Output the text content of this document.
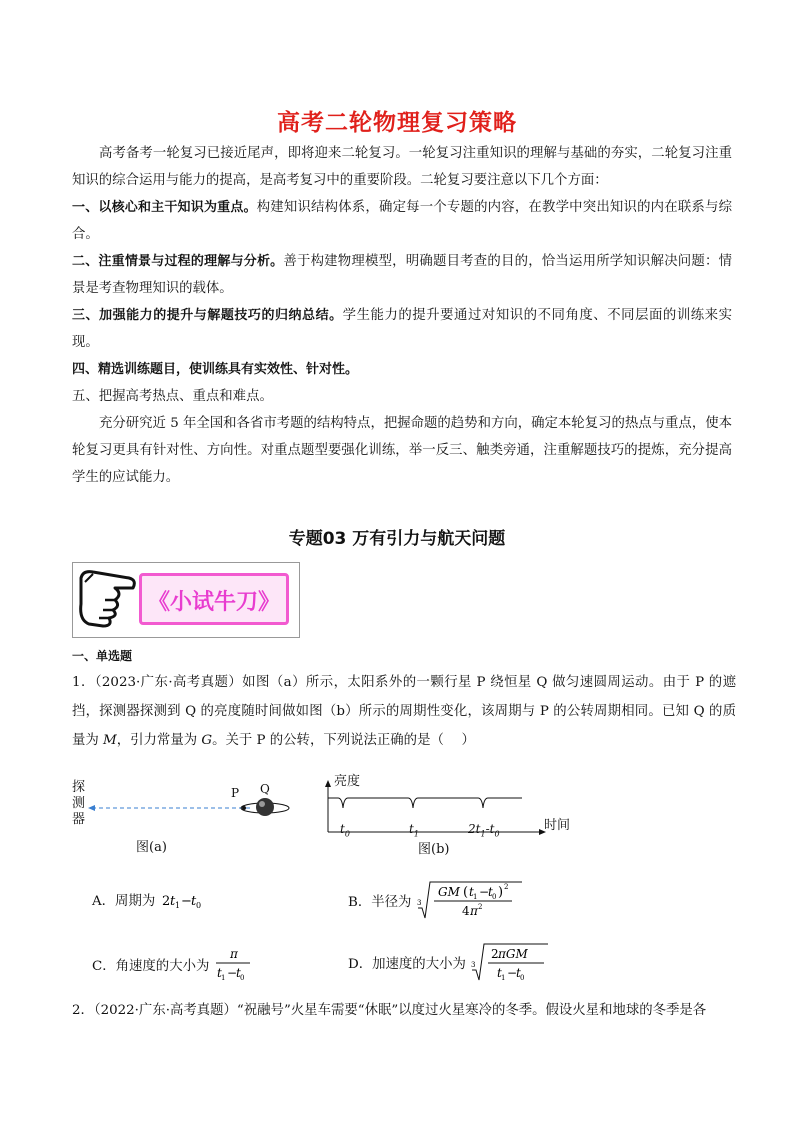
高考二轮物理复习策略
高考备考一轮复习已接近尾声，即将迎来二轮复习。一轮复习注重知识的理解与基础的夯实，二轮复习注重知识的综合运用与能力的提高，是高考复习中的重要阶段。二轮复习要注意以下几个方面：
一、以核心和主干知识为重点。构建知识结构体系，确定每一个专题的内容，在教学中突出知识的内在联系与综合。
二、注重情景与过程的理解与分析。善于构建物理模型，明确题目考查的目的，恰当运用所学知识解决问题：情景是考查物理知识的载体。
三、加强能力的提升与解题技巧的归纳总结。学生能力的提升要通过对知识的不同角度、不同层面的训练来实现。
四、精选训练题目，使训练具有实效性、针对性。
五、把握高考热点、重点和难点。
充分研究近 5 年全国和各省市考题的结构特点，把握命题的趋势和方向，确定本轮复习的热点与重点，使本轮复习更具有针对性、方向性。对重点题型要强化训练，举一反三、触类旁通，注重解题技巧的提炼，充分提高学生的应试能力。
专题03 万有引力与航天问题
《小试牛刀》
一、单选题
1．（2023·广东·高考真题）如图（a）所示，太阳系外的一颗行星 P 绕恒星 Q 做匀速圆周运动。由于 P 的遮挡，探测器探测到 Q 的亮度随时间做如图（b）所示的周期性变化，该周期与 P 的公转周期相同。已知 Q 的质量为 M，引力常量为 G。关于 P 的公转，下列说法正确的是（　 ）
探
测
器
P Q
图(a)
亮度
$t_0$	$t_1$	$2t_1-t_0$
时间
图(b)
A．周期为 2 t 1 − t 0	B．半径为 3
GM ( t 1 −
t 0 ) 2
4 π 2
C．角速度的大小为
π
t 1 −
t 0
D．加速度的大小为 3
2 πGM
t 1 −
t 0
2．（2022·广东·高考真题）“祝融号”火星车需要“休眠”以度过火星寒冷的冬季。假设火星和地球的冬季是各
